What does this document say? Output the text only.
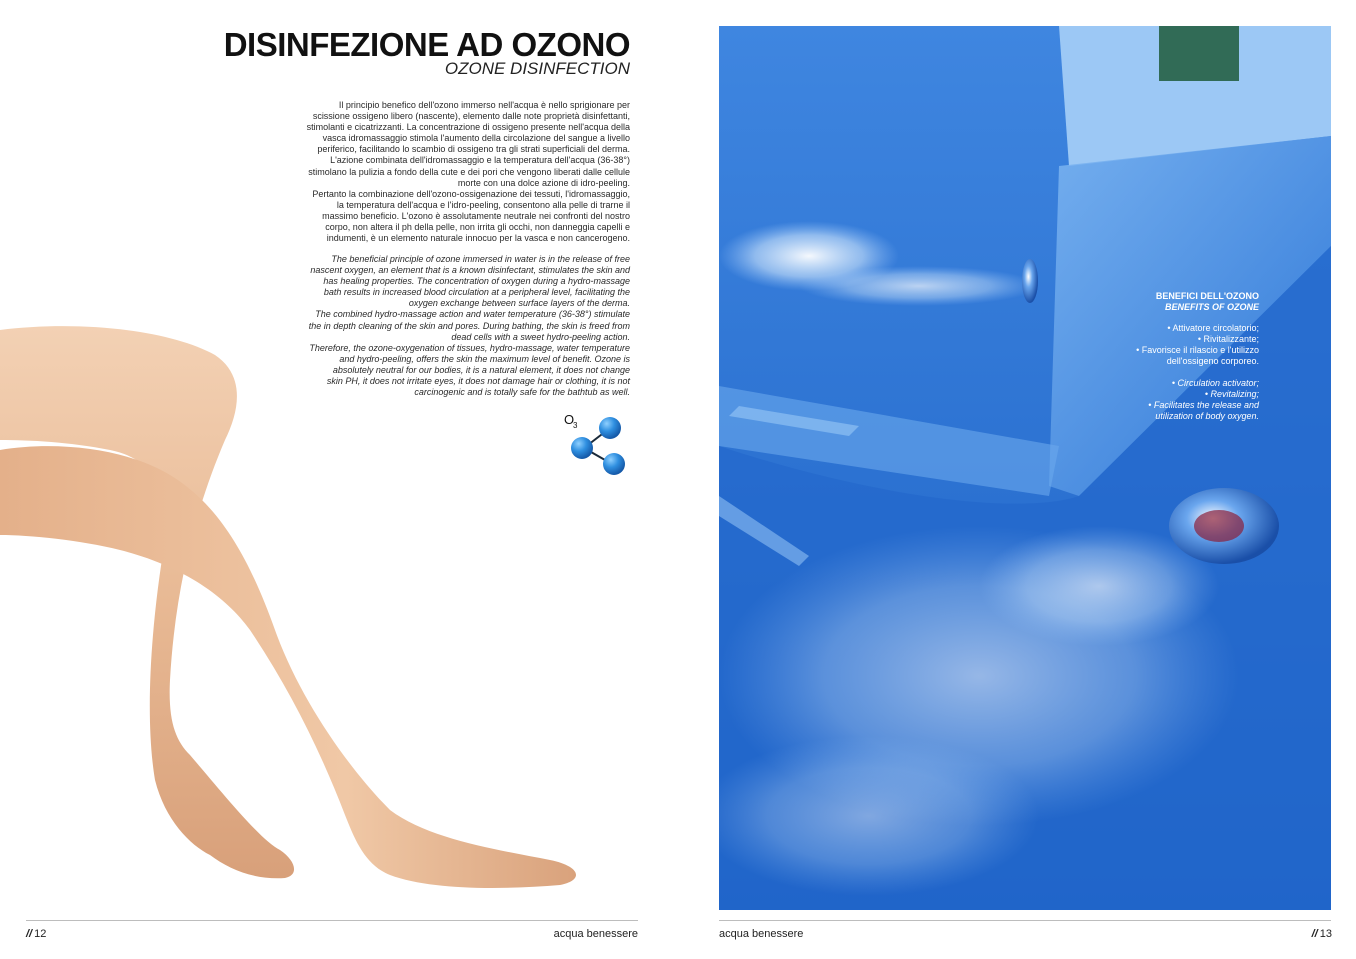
DISINFEZIONE AD OZONO
OZONE DISINFECTION

Il principio benefico dell'ozono immerso nell'acqua è nello sprigionare per

scissione ossigeno libero (nascente), elemento dalle note proprietà disinfettanti,

stimolanti e cicatrizzanti. La concentrazione di ossigeno presente nell'acqua della

vasca idromassaggio stimola l'aumento della circolazione del sangue a livello

periferico, facilitando lo scambio di ossigeno tra gli strati superficiali del derma.

L'azione combinata dell'idromassaggio e la temperatura dell'acqua (36-38°)

stimolano la pulizia a fondo della cute e dei pori che vengono liberati dalle cellule

morte con una dolce azione di idro-peeling.

Pertanto la combinazione dell'ozono-ossigenazione dei tessuti, l'idromassaggio,

la temperatura dell'acqua e l'idro-peeling, consentono alla pelle di trarne il

massimo beneficio. L'ozono è assolutamente neutrale nei confronti del nostro

corpo, non altera il ph della pelle, non irrita gli occhi, non danneggia capelli e

indumenti, è un elemento naturale innocuo per la vasca e non cancerogeno.

The beneficial principle of ozone immersed in water is in the release of free

nascent oxygen, an element that is a known disinfectant, stimulates the skin and

has healing properties. The concentration of oxygen during a hydro-massage

bath results in increased blood circulation at a peripheral level, facilitating the

oxygen exchange between surface layers of the derma.

The combined hydro-massage action and water temperature (36-38°) stimulate

the in depth cleaning of the skin and pores. During bathing, the skin is freed from

dead cells with a sweet hydro-peeling action.

Therefore, the ozone-oxygenation of tissues, hydro-massage, water temperature

and hydro-peeling, offers the skin the maximum level of benefit. Ozone is

absolutely neutral for our bodies, it is a natural element, it does not change

skin PH, it does not irritate eyes, it does not damage hair or clothing, it is not

carcinogenic and is totally safe for the bathtub as well.

O
3
// 12	acqua benessere
BENEFICI DELL'OZONO
BENEFITS OF OZONE
• Attivatore circolatorio;
• Rivitalizzante;
• Favorisce il rilascio e l'utilizzo
dell'ossigeno corporeo.
• Circulation activator;
• Revitalizing;
• Facilitates the release and
utilization of body oxygen.
acqua benessere	// 13
